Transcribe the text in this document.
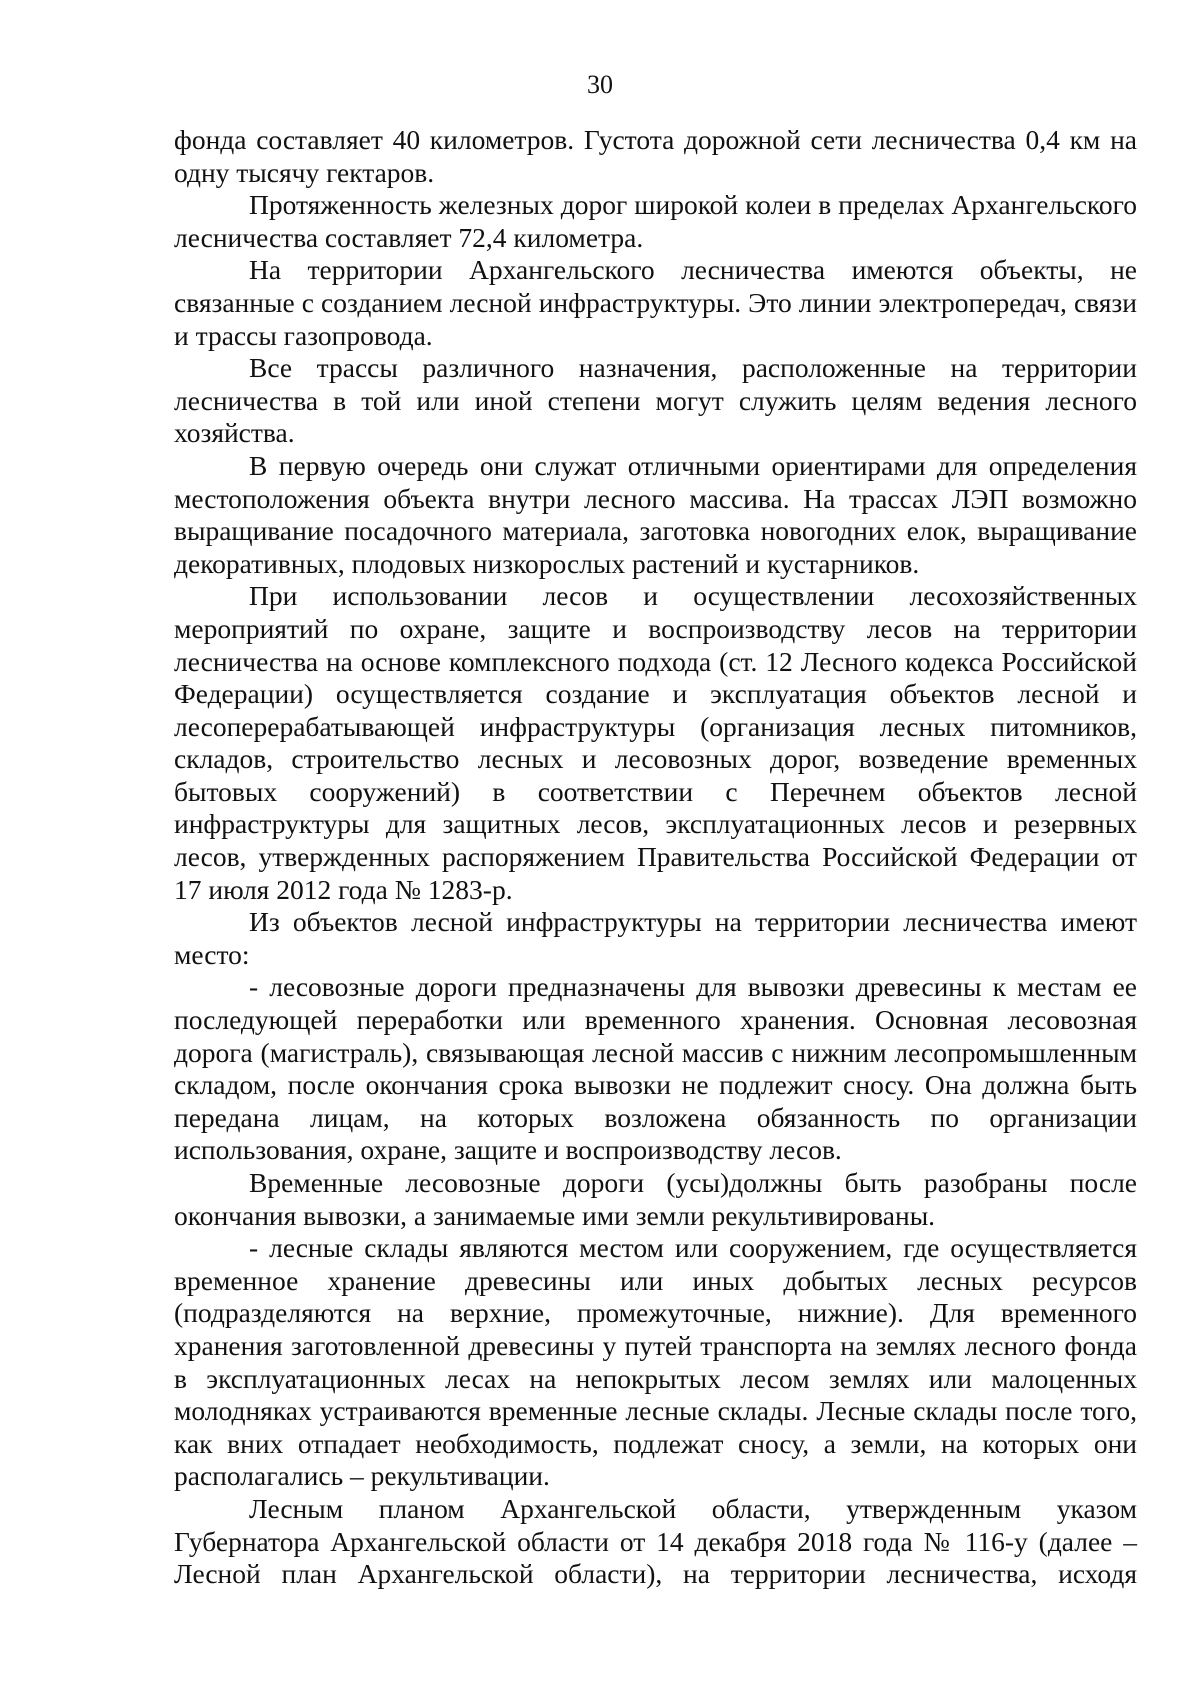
30

фонда составляет 40 километров. Густота дорожной сети лесничества 0,4 км на одну тысячу гектаров.

Протяженность железных дорог широкой колеи в пределах Архангельского лесничества составляет 72,4 километра.

На территории Архангельского лесничества имеются объекты, не связанные с созданием лесной инфраструктуры. Это линии электропередач, связи и трассы газопровода.

Все трассы различного назначения, расположенные на территории лесничества в той или иной степени могут служить целям ведения лесного хозяйства.

В первую очередь они служат отличными ориентирами для определения местоположения объекта внутри лесного массива. На трассах ЛЭП возможно выращивание посадочного материала, заготовка новогодних елок, выращивание декоративных, плодовых низкорослых растений и кустарников.

При использовании лесов и осуществлении лесохозяйственных мероприятий по охране, защите и воспроизводству лесов на территории лесничества на основе комплексного подхода (ст. 12 Лесного кодекса Российской Федерации) осуществляется создание и эксплуатация объектов лесной и лесоперерабатывающей инфраструктуры (организация лесных питомников, складов, строительство лесных и лесовозных дорог, возведение временных бытовых сооружений) в соответствии с Перечнем объектов лесной инфраструктуры для защитных лесов, эксплуатационных лесов и резервных лесов, утвержденных распоряжением Правительства Российской Федерации от 17 июля 2012 года № 1283-р.

Из объектов лесной инфраструктуры на территории лесничества имеют место:

- лесовозные дороги предназначены для вывозки древесины к местам ее последующей переработки или временного хранения. Основная лесовозная дорога (магистраль), связывающая лесной массив с нижним лесопромышленным складом, после окончания срока вывозки не подлежит сносу. Она должна быть передана лицам, на которых возложена обязанность по организации использования, охране, защите и воспроизводству лесов.

Временные лесовозные дороги (усы)должны быть разобраны после окончания вывозки, а занимаемые ими земли рекультивированы.

- лесные склады являются местом или сооружением, где осуществляется временное хранение древесины или иных добытых лесных ресурсов (подразделяются на верхние, промежуточные, нижние). Для временного хранения заготовленной древесины у путей транспорта на землях лесного фонда в эксплуатационных лесах на непокрытых лесом землях или малоценных молодняках устраиваются временные лесные склады. Лесные склады после того, как вних отпадает необходимость, подлежат сносу, а земли, на которых они располагались – рекультивации.

Лесным планом Архангельской области, утвержденным указом Губернатора Архангельской области от 14 декабря 2018 года № 116-у (далее – Лесной план Архангельской области), на территории лесничества, исходя
